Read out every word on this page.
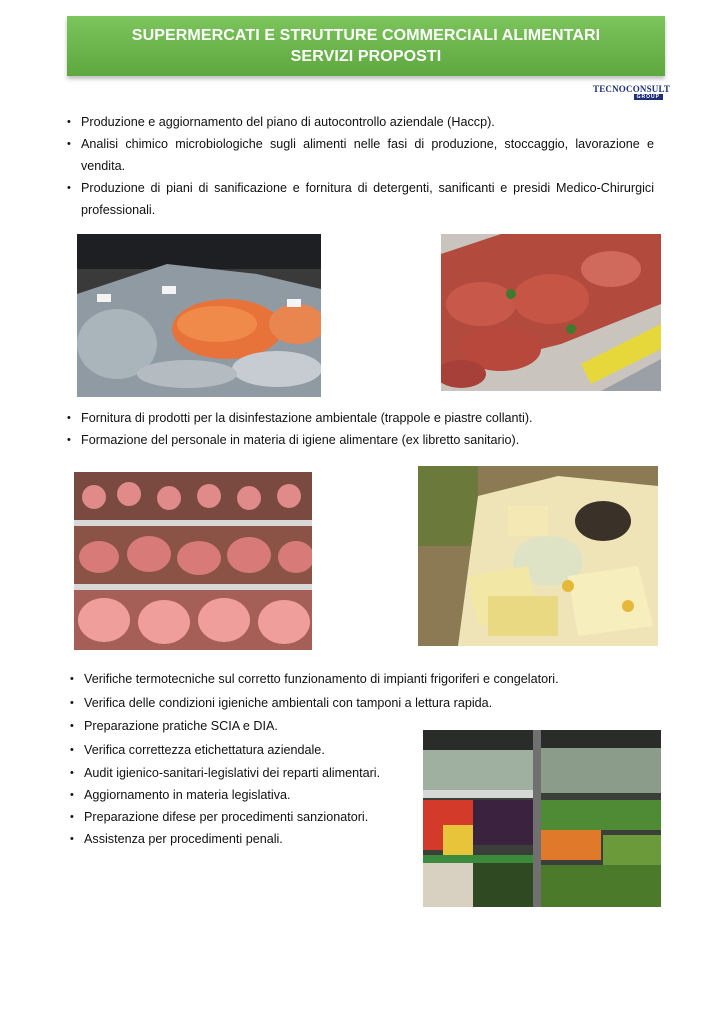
SUPERMERCATI E STRUTTURE COMMERCIALI ALIMENTARI
SERVIZI PROPOSTI
TECNOCONSULT
GROUP
• Produzione e aggiornamento del piano di autocontrollo aziendale (Haccp).
• Analisi chimico microbiologiche sugli alimenti nelle fasi di produzione, stoccaggio, lavorazione e vendita.
• Produzione di piani di sanificazione e fornitura di detergenti, sanificanti e presidi Medico-Chirurgici professionali.
• Fornitura di prodotti per la disinfestazione ambientale (trappole e piastre collanti).
• Formazione del personale in materia di igiene alimentare (ex libretto sanitario).
• Verifiche termotecniche sul corretto funzionamento di impianti frigoriferi e congelatori.
• Verifica delle condizioni igieniche ambientali con tamponi a lettura rapida.
• Preparazione pratiche SCIA e DIA.
• Verifica correttezza etichettatura aziendale.
• Audit igienico-sanitari-legislativi dei reparti alimentari.
• Aggiornamento in materia legislativa.
• Preparazione difese per procedimenti sanzionatori.
• Assistenza per procedimenti penali.
